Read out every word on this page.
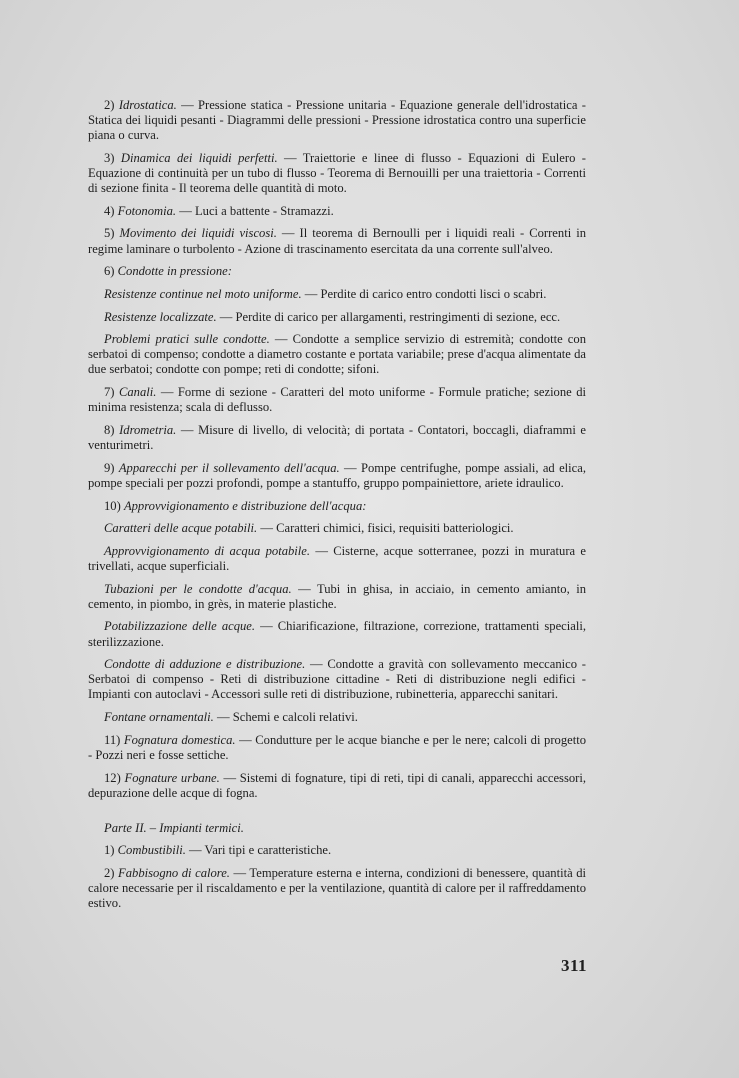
2) Idrostatica. — Pressione statica - Pressione unitaria - Equazione generale dell'idrostatica - Statica dei liquidi pesanti - Diagrammi delle pressioni - Pressione idrostatica contro una superficie piana o curva.

3) Dinamica dei liquidi perfetti. — Traiettorie e linee di flusso - Equazioni di Eulero - Equazione di continuità per un tubo di flusso - Teorema di Bernouilli per una traiettoria - Correnti di sezione finita - Il teorema delle quantità di moto.

4) Fotonomia. — Luci a battente - Stramazzi.

5) Movimento dei liquidi viscosi. — Il teorema di Bernoulli per i liquidi reali - Correnti in regime laminare o turbolento - Azione di trascinamento esercitata da una corrente sull'alveo.

6) Condotte in pressione:

Resistenze continue nel moto uniforme. — Perdite di carico entro condotti lisci o scabri.

Resistenze localizzate. — Perdite di carico per allargamenti, restringimenti di sezione, ecc.

Problemi pratici sulle condotte. — Condotte a semplice servizio di estremità; condotte con serbatoi di compenso; condotte a diametro costante e portata variabile; prese d'acqua alimentate da due serbatoi; condotte con pompe; reti di condotte; sifoni.

7) Canali. — Forme di sezione - Caratteri del moto uniforme - Formule pratiche; sezione di minima resistenza; scala di deflusso.

8) Idrometria. — Misure di livello, di velocità; di portata - Contatori, boccagli, diaframmi e venturimetri.

9) Apparecchi per il sollevamento dell'acqua. — Pompe centrifughe, pompe assiali, ad elica, pompe speciali per pozzi profondi, pompe a stantuffo, gruppo pompainiettore, ariete idraulico.

10) Approvvigionamento e distribuzione dell'acqua:

Caratteri delle acque potabili. — Caratteri chimici, fisici, requisiti batteriologici.

Approvvigionamento di acqua potabile. — Cisterne, acque sotterranee, pozzi in muratura e trivellati, acque superficiali.

Tubazioni per le condotte d'acqua. — Tubi in ghisa, in acciaio, in cemento amianto, in cemento, in piombo, in grès, in materie plastiche.

Potabilizzazione delle acque. — Chiarificazione, filtrazione, correzione, trattamenti speciali, sterilizzazione.

Condotte di adduzione e distribuzione. — Condotte a gravità con sollevamento meccanico - Serbatoi di compenso - Reti di distribuzione cittadine - Reti di distribuzione negli edifici - Impianti con autoclavi - Accessori sulle reti di distribuzione, rubinetteria, apparecchi sanitari.

Fontane ornamentali. — Schemi e calcoli relativi.

11) Fognatura domestica. — Condutture per le acque bianche e per le nere; calcoli di progetto - Pozzi neri e fosse settiche.

12) Fognature urbane. — Sistemi di fognature, tipi di reti, tipi di canali, apparecchi accessori, depurazione delle acque di fogna.

Parte II. – Impianti termici.

1) Combustibili. — Vari tipi e caratteristiche.

2) Fabbisogno di calore. — Temperature esterna e interna, condizioni di benessere, quantità di calore necessarie per il riscaldamento e per la ventilazione, quantità di calore per il raffreddamento estivo.

311
